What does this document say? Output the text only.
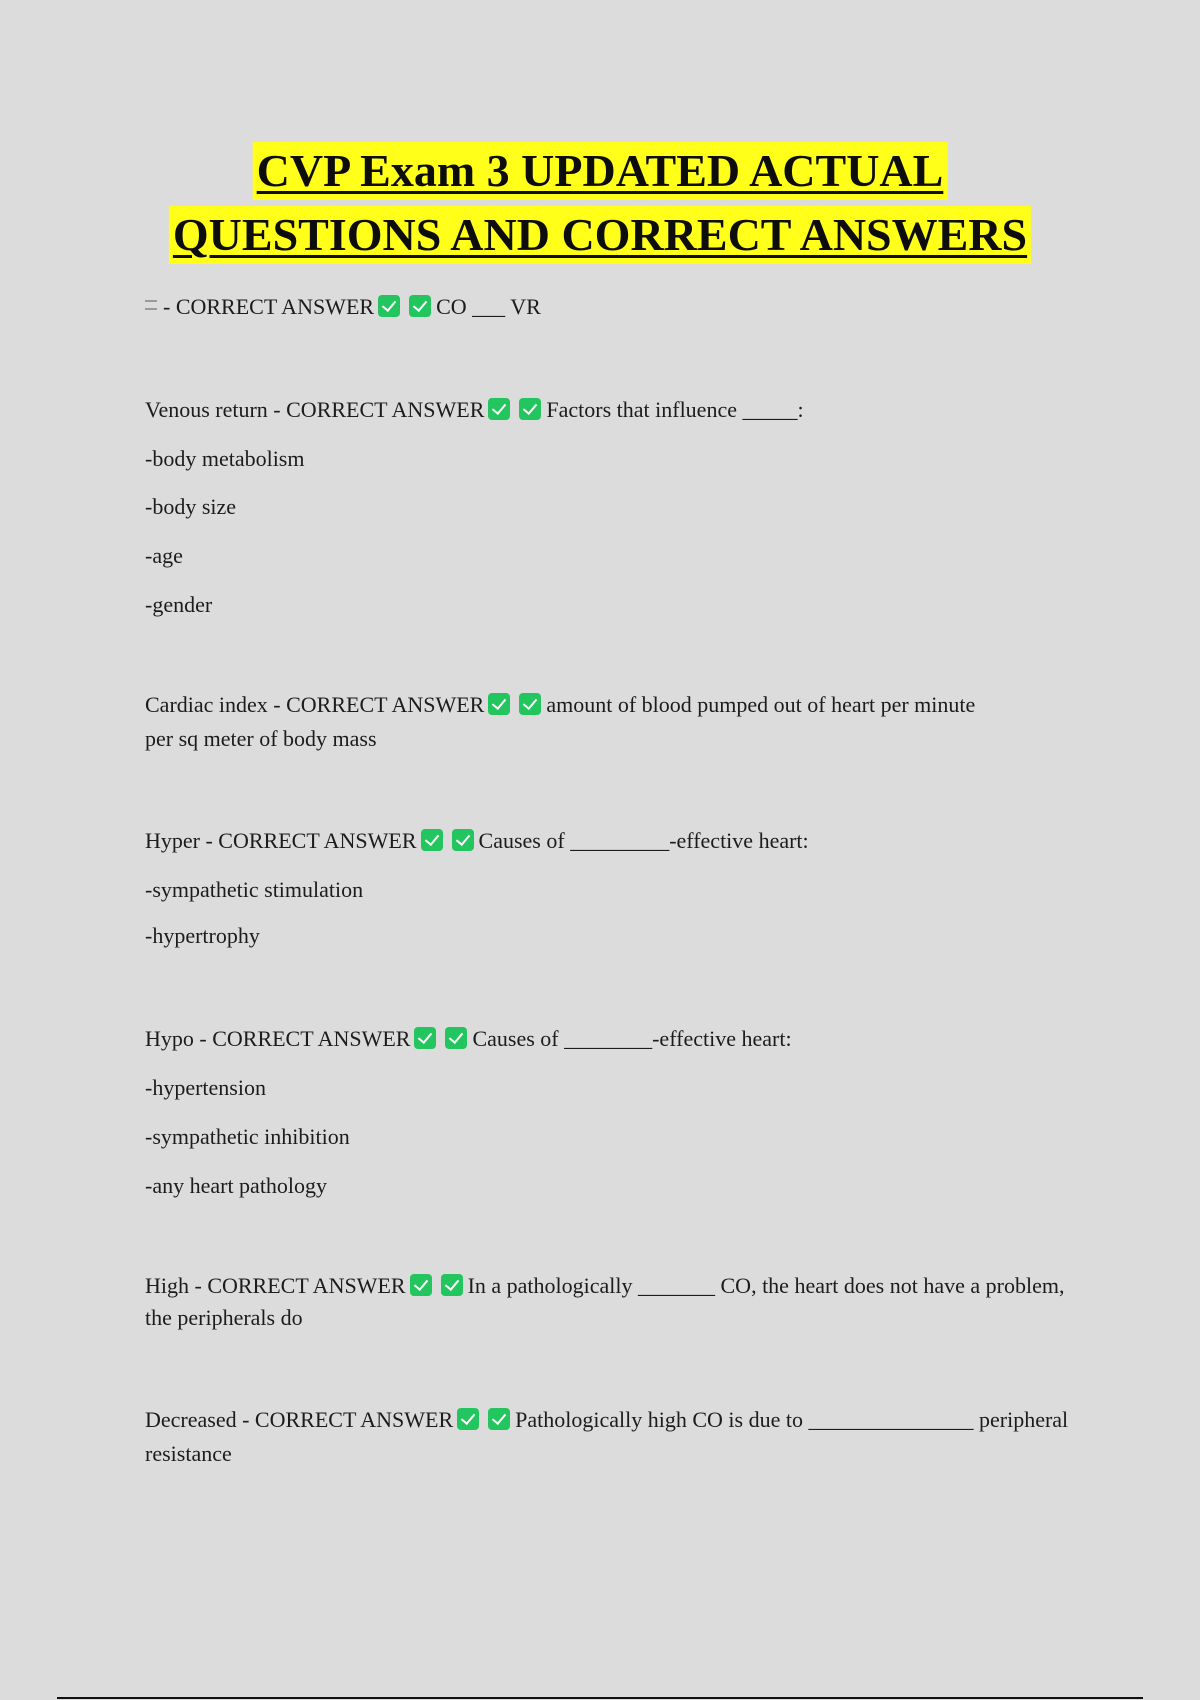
CVP Exam 3 UPDATED ACTUAL
QUESTIONS AND CORRECT ANSWERS
- CORRECT ANSWER	CO ___ VR
Venous return - CORRECT ANSWER	Factors that influence _____:
-body metabolism
-body size
-age
-gender
Cardiac index - CORRECT ANSWER	amount of blood pumped out of heart per minute per sq meter of body mass
Hyper - CORRECT ANSWER	Causes of _________-effective heart:
-sympathetic stimulation
-hypertrophy
Hypo - CORRECT ANSWER	Causes of ________-effective heart:
-hypertension
-sympathetic inhibition
-any heart pathology
High - CORRECT ANSWER	In a pathologically _______ CO, the heart does not have a problem, the peripherals do
Decreased - CORRECT ANSWER	Pathologically high CO is due to _______________ peripheral resistance
